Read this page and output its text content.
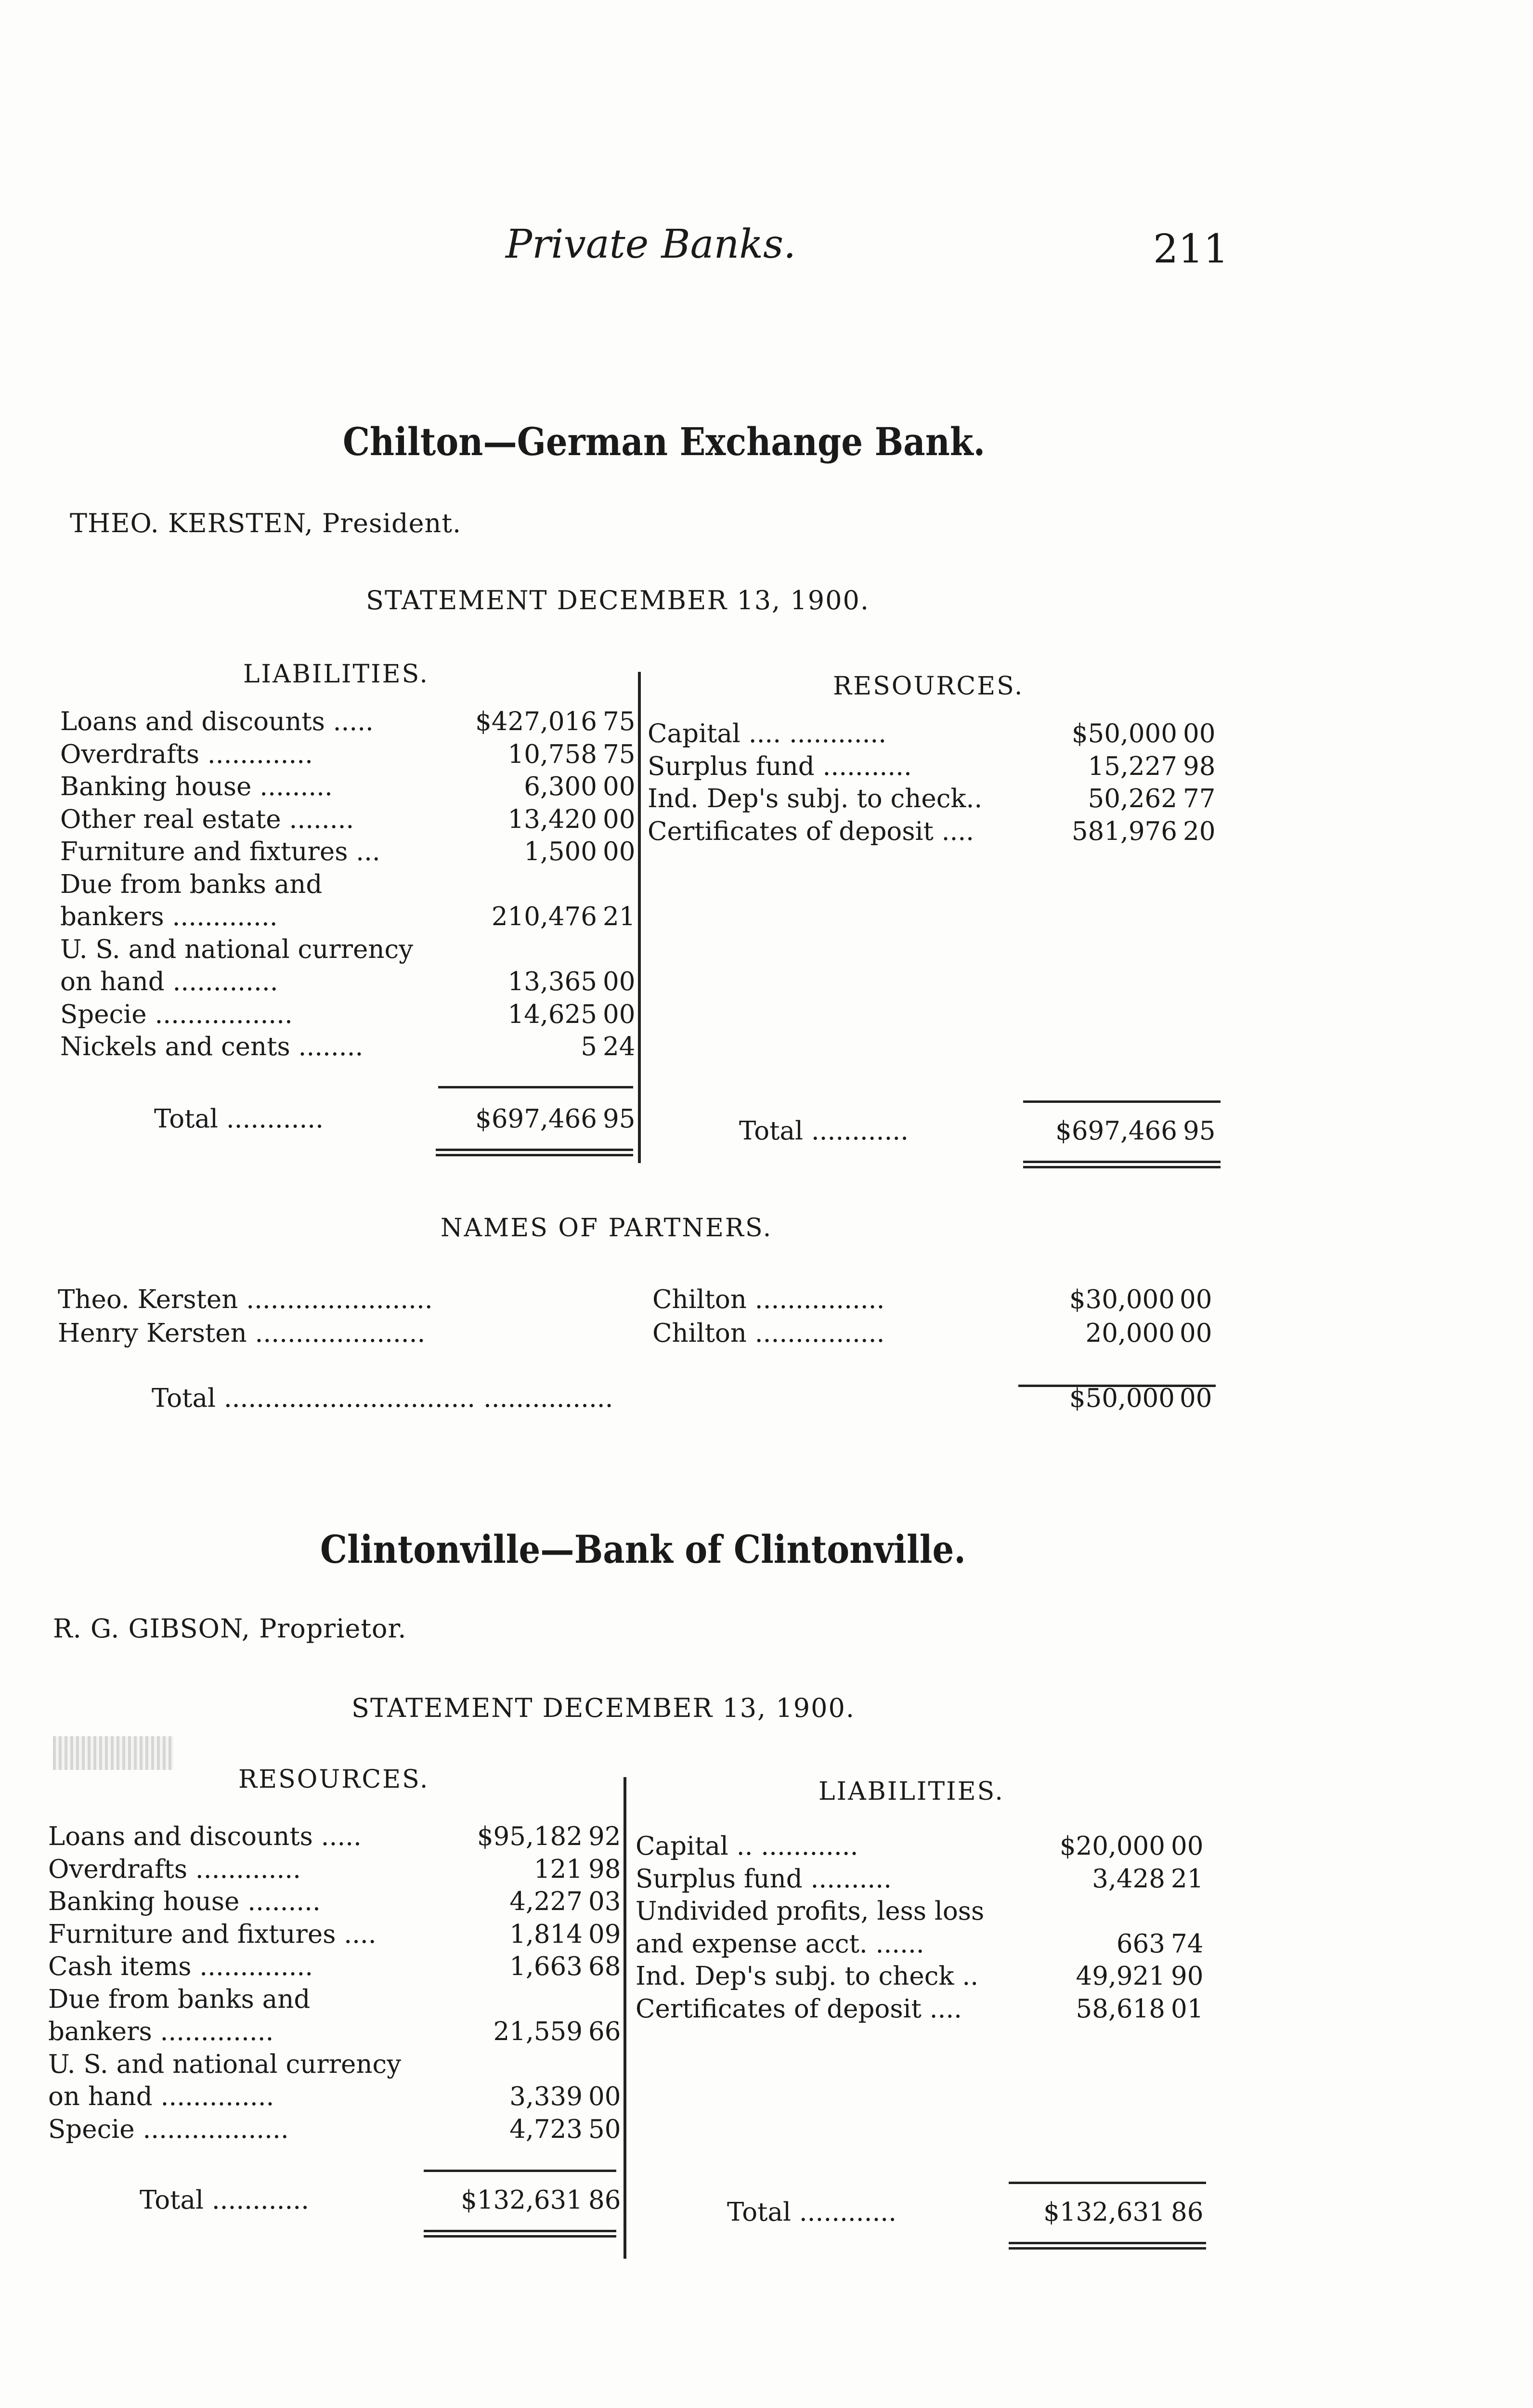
Private Banks.	211
Chilton—German Exchange Bank.
THEO. KERSTEN, President.
STATEMENT DECEMBER 13, 1900.
LIABILITIES.	RESOURCES.
Loans and discounts .....	$427,016 75
Overdrafts .............	10,758 75
Banking house .........	6,300 00
Other real estate ........	13,420 00
Furniture and fixtures ...	1,500 00
Due from banks and
bankers .............	210,476 21
U. S. and national currency
on hand .............	13,365 00
Specie .................	14,625 00
Nickels and cents ........	5 24
Capital .... ............	$50,000 00
Surplus fund ...........	15,227 98
Ind. Dep's subj. to check..	50,262 77
Certificates of deposit ....	581,976 20
Total ............	$697,466 95	Total ............	$697,466 95
NAMES OF PARTNERS.
Theo. Kersten .......................	Chilton ................	$30,000 00
Henry Kersten .....................	Chilton ................	20,000 00
Total ............................... ................	$50,000 00
Clintonville—Bank of Clintonville.
R. G. GIBSON, Proprietor.
STATEMENT DECEMBER 13, 1900.
RESOURCES.	LIABILITIES.
Loans and discounts .....	$95,182 92
Overdrafts .............	121 98
Banking house .........	4,227 03
Furniture and fixtures ....	1,814 09
Cash items ..............	1,663 68
Due from banks and
bankers ..............	21,559 66
U. S. and national currency
on hand ..............	3,339 00
Specie ..................	4,723 50
Capital .. ............	$20,000 00
Surplus fund ..........	3,428 21
Undivided profits, less loss
and expense acct. ......	663 74
Ind. Dep's subj. to check ..	49,921 90
Certificates of deposit ....	58,618 01
Total ............	$132,631 86	Total ............	$132,631 86
